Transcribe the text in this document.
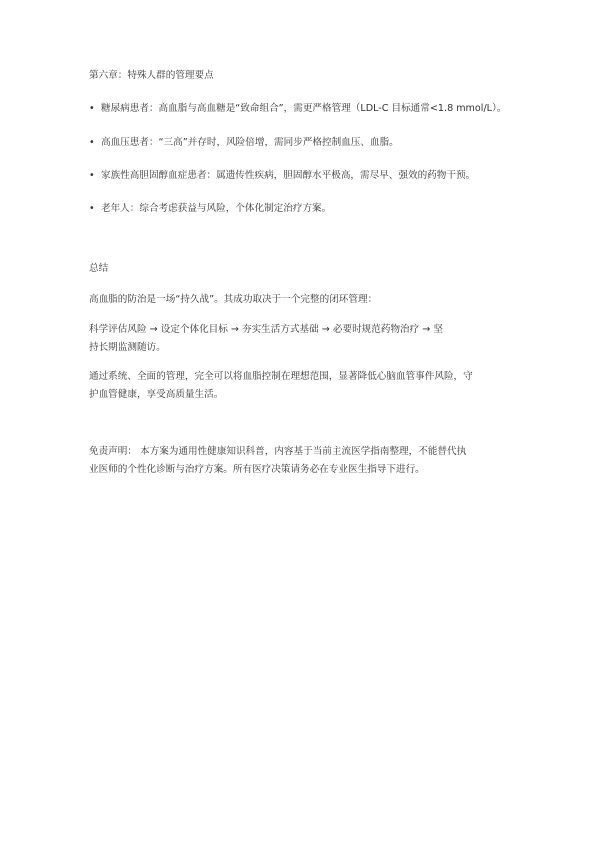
第六章：特殊人群的管理要点
• 糖尿病患者：高血脂与高血糖是“致命组合”，需更严格管理（LDL-C 目标通常<1.8 mmol/L）。
• 高血压患者：“三高”并存时，风险倍增，需同步严格控制血压、血脂。
• 家族性高胆固醇血症患者：属遗传性疾病，胆固醇水平极高，需尽早、强效的药物干预。
• 老年人：综合考虑获益与风险，个体化制定治疗方案。
总结
高血脂的防治是一场“持久战”。其成功取决于一个完整的闭环管理：
科学评估风险 → 设定个体化目标 → 夯实生活方式基础 → 必要时规范药物治疗 → 坚
持长期监测随访。
通过系统、全面的管理，完全可以将血脂控制在理想范围，显著降低心脑血管事件风险，守
护血管健康，享受高质量生活。
免责声明： 本方案为通用性健康知识科普，内容基于当前主流医学指南整理，不能替代执
业医师的个性化诊断与治疗方案。所有医疗决策请务必在专业医生指导下进行。
